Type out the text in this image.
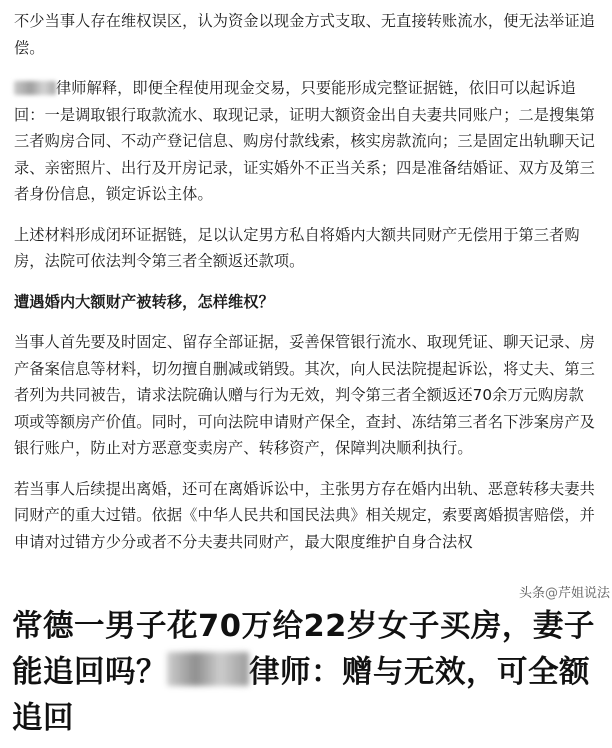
不少当事人存在维权误区，认为资金以现金方式支取、无直接转账流水，便无法举证追偿。

律师解释，即便全程使用现金交易，只要能形成完整证据链，依旧可以起诉追回：一是调取银行取款流水、取现记录，证明大额资金出自夫妻共同账户；二是搜集第三者购房合同、不动产登记信息、购房付款线索，核实房款流向；三是固定出轨聊天记录、亲密照片、出行及开房记录，证实婚外不正当关系；四是准备结婚证、双方及第三者身份信息，锁定诉讼主体。

上述材料形成闭环证据链，足以认定男方私自将婚内大额共同财产无偿用于第三者购房，法院可依法判令第三者全额返还款项。

遭遇婚内大额财产被转移，怎样维权？

当事人首先要及时固定、留存全部证据，妥善保管银行流水、取现凭证、聊天记录、房产备案信息等材料，切勿擅自删减或销毁。其次，向人民法院提起诉讼，将丈夫、第三者列为共同被告，请求法院确认赠与行为无效，判令第三者全额返还70余万元购房款项或等额房产价值。同时，可向法院申请财产保全，查封、冻结第三者名下涉案房产及银行账户，防止对方恶意变卖房产、转移资产，保障判决顺利执行。

若当事人后续提出离婚，还可在离婚诉讼中，主张男方存在婚内出轨、恶意转移夫妻共同财产的重大过错。依据《中华人民共和国民法典》相关规定，索要离婚损害赔偿，并申请对过错方少分或者不分夫妻共同财产，最大限度维护自身合法权

头条@芹姐说法

常德一男子花70万给22岁女子买房，妻子能追回吗？	律师：赠与无效，可全额追回
